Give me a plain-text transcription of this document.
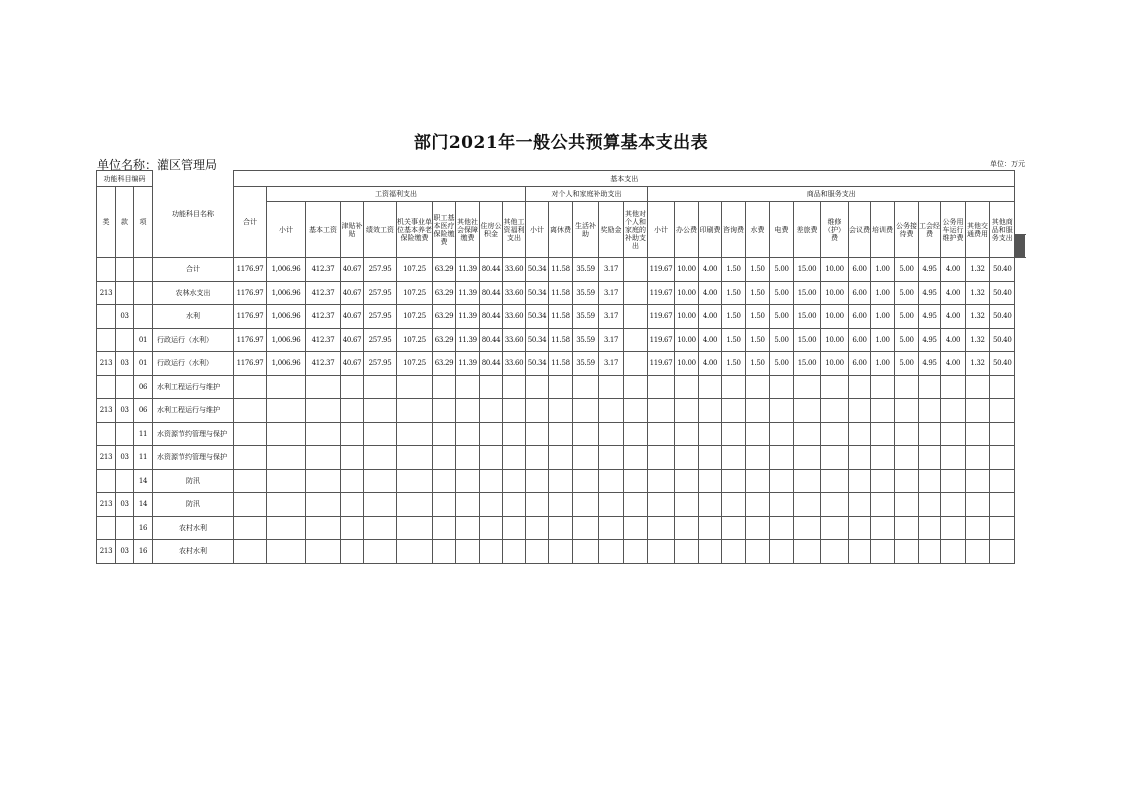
部门2021年一般公共预算基本支出表
单位名称：灌区管理局	单位：万元
功能科目编码			功能科目名称	基本支出																																			
类	款	项		合计	工资福利支出									对个人和家庭补助支出					商品和服务支出																				
					小计	基本工资	津贴补贴	绩效工资	机关事业单位基本养老保险缴费	职工基本医疗保险缴费	其他社会保障缴费	住房公积金	其他工资福利支出	小计	离休费	生活补助	奖励金	其他对个人和家庭的补助支出	小计	办公费	印刷费	咨询费	水费	电费	差旅费	维修（护）费	会议费	培训费	公务接待费	工会经费	公务用车运行维护费	其他交通费用	其他商品和服务支出						

			合计	1176.97	1,006.96	412.37	40.67	257.95	107.25	63.29	11.39	80.44	33.60	50.34	11.58	35.59	3.17		119.67	10.00	4.00	1.50	1.50	5.00	15.00	10.00	6.00	1.00	5.00	4.95	4.00	1.32	50.40						
213			农林水支出	1176.97	1,006.96	412.37	40.67	257.95	107.25	63.29	11.39	80.44	33.60	50.34	11.58	35.59	3.17		119.67	10.00	4.00	1.50	1.50	5.00	15.00	10.00	6.00	1.00	5.00	4.95	4.00	1.32	50.40						
	03		水利	1176.97	1,006.96	412.37	40.67	257.95	107.25	63.29	11.39	80.44	33.60	50.34	11.58	35.59	3.17		119.67	10.00	4.00	1.50	1.50	5.00	15.00	10.00	6.00	1.00	5.00	4.95	4.00	1.32	50.40						
		01	行政运行（水利）	1176.97	1,006.96	412.37	40.67	257.95	107.25	63.29	11.39	80.44	33.60	50.34	11.58	35.59	3.17		119.67	10.00	4.00	1.50	1.50	5.00	15.00	10.00	6.00	1.00	5.00	4.95	4.00	1.32	50.40						
213	03	01	行政运行（水利）	1176.97	1,006.96	412.37	40.67	257.95	107.25	63.29	11.39	80.44	33.60	50.34	11.58	35.59	3.17		119.67	10.00	4.00	1.50	1.50	5.00	15.00	10.00	6.00	1.00	5.00	4.95	4.00	1.32	50.40						
		06	水利工程运行与维护																																				
213	03	06	水利工程运行与维护																																				
		11	水资源节约管理与保护																																				
213	03	11	水资源节约管理与保护																																				
		14	防汛																																				
213	03	14	防汛																																				
		16	农村水利																																				
213	03	16	农村水利																																				
